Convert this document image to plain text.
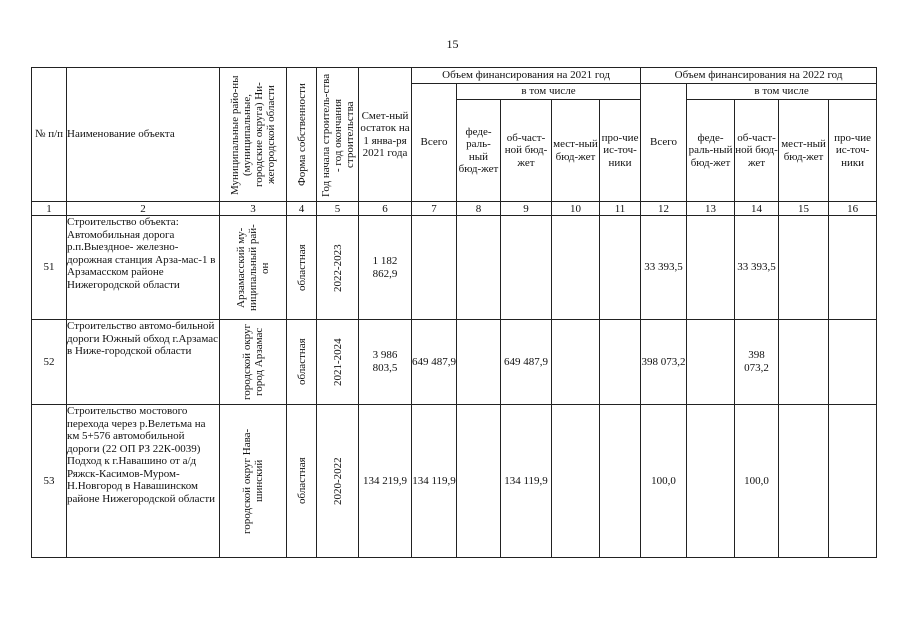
15
№ п/п	Наименование объекта	Муниципальные райо-ны (муниципальные, городские округа) Ни-жегородской области	Форма собственности	Год начала строитель-ства - год окончания строительства	Смет-ный остаток на 1 янва-ря 2021 года	Объем финансирования на 2021 год					Объем финансирования на 2022 год				
						Всего	в том числе				Всего	в том числе			
							феде-раль-ный бюд-жет	об-част-ной бюд-жет	мест-ный бюд-жет	про-чие ис-точ-ники		феде-раль-ный бюд-жет	об-част-ной бюд-жет	мест-ный бюд-жет	про-чие ис-точ-ники
1	2	3	4	5	6	7	8	9	10	11	12	13	14	15	16
51	Строительство объекта: Автомобильная дорога р.п.Выездное- железно-дорожная станция Арза-мас-1 в Арзамасском районе Нижегородской области	Арзамасский му-ниципальный рай-он	областная	2022-2023	1 182 862,9						33 393,5		33 393,5		
52	Строительство автомо-бильной дороги Южный обход г.Арзамас в Ниже-городской области	городской округ город Арзамас	областная	2021-2024	3 986 803,5	649 487,9		649 487,9			398 073,2		398 073,2		
53	Строительство мостового перехода через р.Велетьма на км 5+576 автомобильной дороги (22 ОП РЗ 22К-0039) Подход к г.Навашино от а/д Ряжск-Касимов-Муром-Н.Новгород в Навашинском районе Нижегородской области	городской округ Нава-шинский	областная	2020-2022	134 219,9	134 119,9		134 119,9			100,0		100,0		
